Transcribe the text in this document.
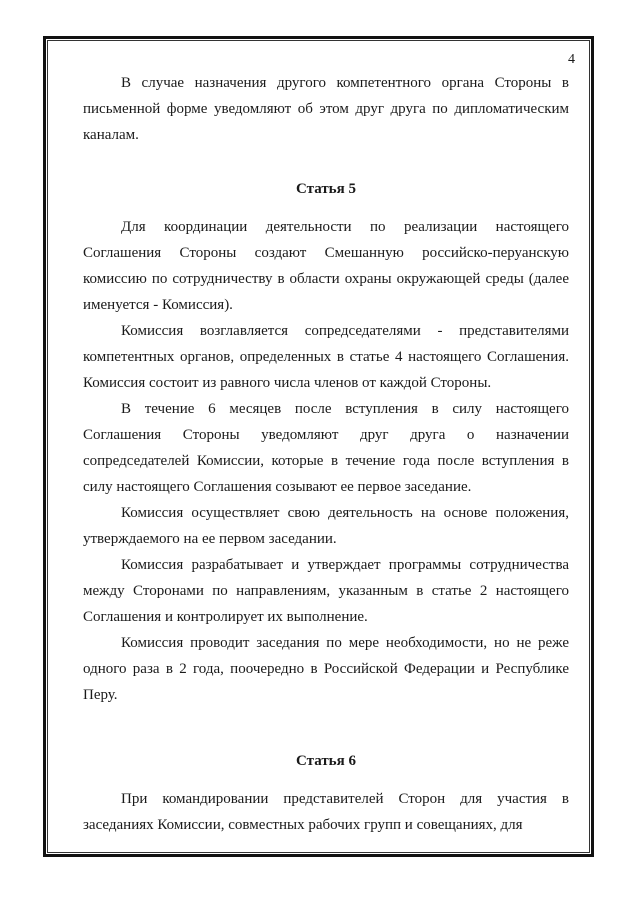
4

В случае назначения другого компетентного органа Стороны в письменной форме уведомляют об этом друг друга по дипломатическим каналам.

Статья 5

Для координации деятельности по реализации настоящего Соглашения Стороны создают Смешанную российско-перуанскую комиссию по сотрудничеству в области охраны окружающей среды (далее именуется - Комиссия).

Комиссия возглавляется сопредседателями - представителями компетентных органов, определенных в статье 4 настоящего Соглашения. Комиссия состоит из равного числа членов от каждой Стороны.

В течение 6 месяцев после вступления в силу настоящего Соглашения Стороны уведомляют друг друга о назначении сопредседателей Комиссии, которые в течение года после вступления в силу настоящего Соглашения созывают ее первое заседание.

Комиссия осуществляет свою деятельность на основе положения, утверждаемого на ее первом заседании.

Комиссия разрабатывает и утверждает программы сотрудничества между Сторонами по направлениям, указанным в статье 2 настоящего Соглашения и контролирует их выполнение.

Комиссия проводит заседания по мере необходимости, но не реже одного раза в 2 года, поочередно в Российской Федерации и Республике Перу.

Статья 6

При командировании представителей Сторон для участия в заседаниях Комиссии, совместных рабочих групп и совещаниях, для
